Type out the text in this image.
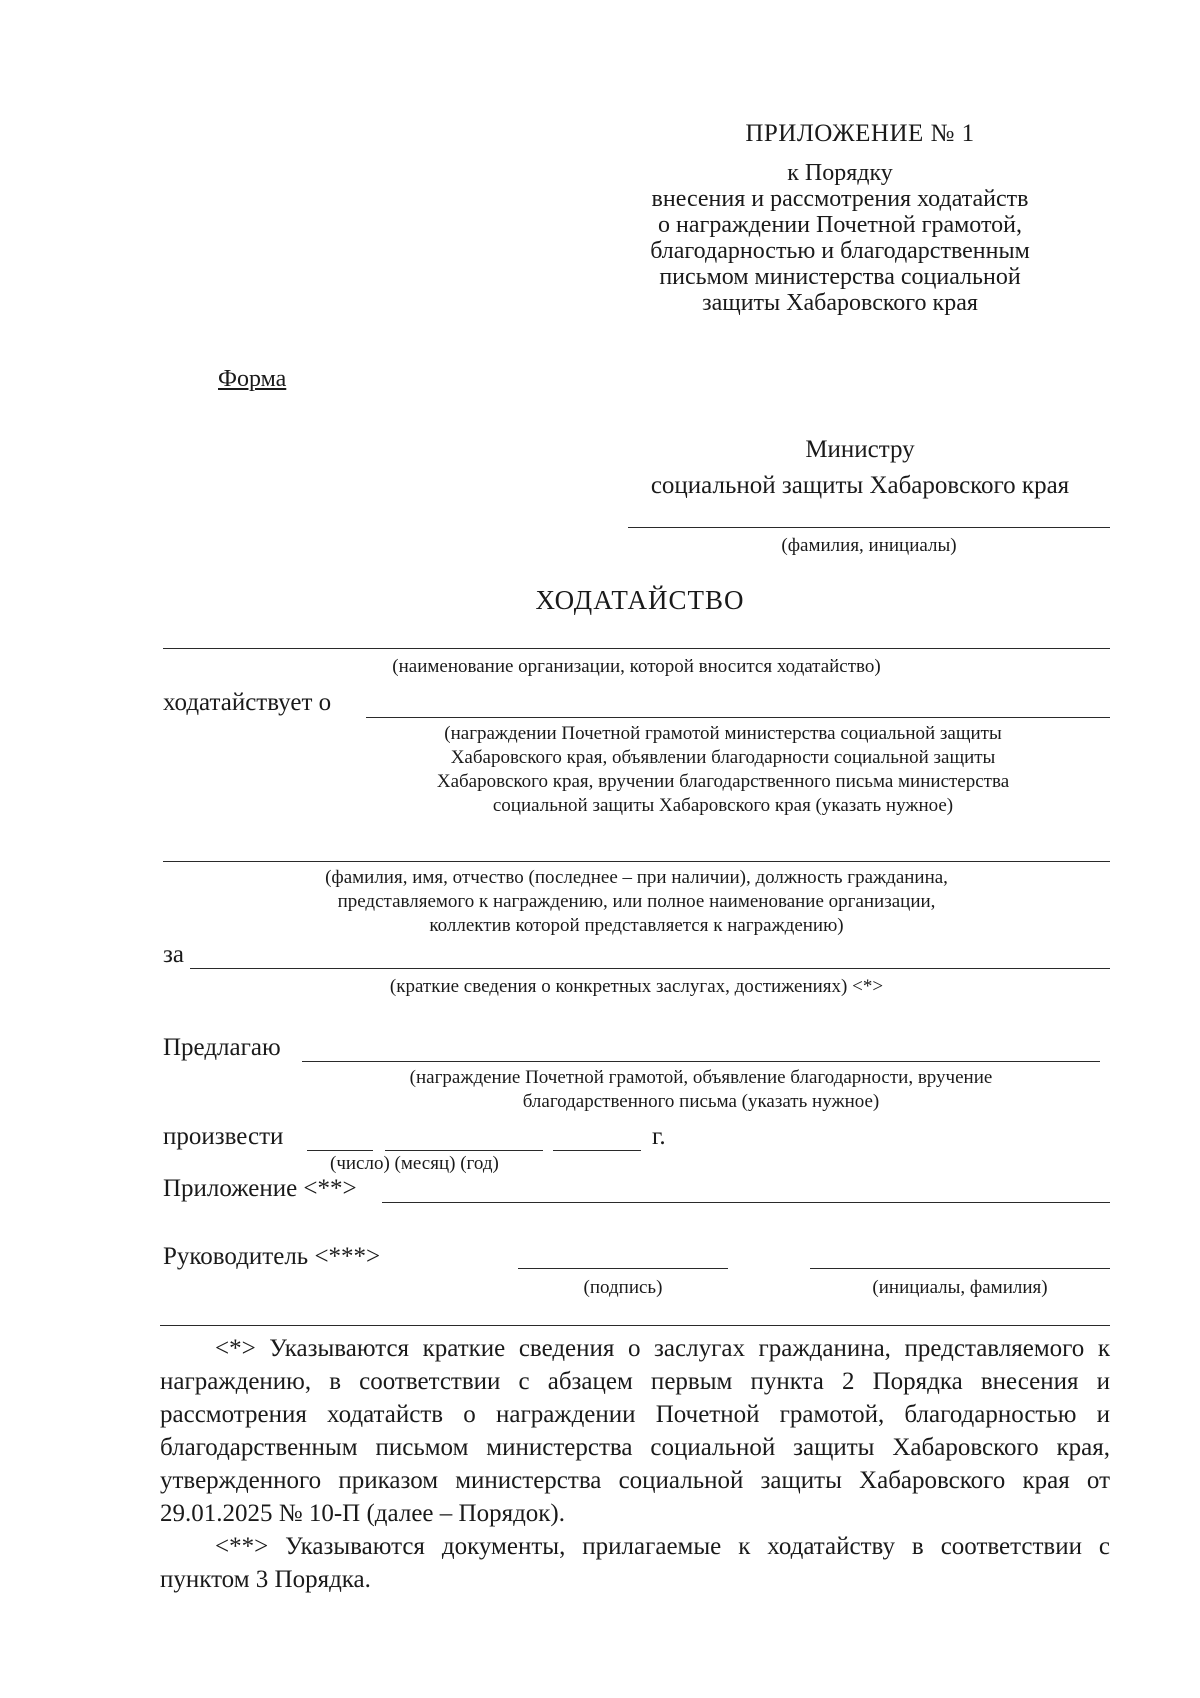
ПРИЛОЖЕНИЕ № 1
к Порядку
внесения и рассмотрения ходатайств
о награждении Почетной грамотой,
благодарностью и благодарственным
письмом министерства социальной
защиты Хабаровского края
Форма
Министру
социальной защиты Хабаровского края
(фамилия, инициалы)
ХОДАТАЙСТВО
(наименование организации, которой вносится ходатайство)
ходатайствует о
(награждении Почетной грамотой министерства социальной защиты
Хабаровского края, объявлении благодарности социальной защиты
Хабаровского края, вручении благодарственного письма министерства
социальной защиты Хабаровского края (указать нужное)
(фамилия, имя, отчество (последнее – при наличии), должность гражданина,
представляемого к награждению, или полное наименование организации,
коллектив которой представляется к награждению)
за
(краткие сведения о конкретных заслугах, достижениях) <*>
Предлагаю
(награждение Почетной грамотой, объявление благодарности, вручение
благодарственного письма (указать нужное)
произвести	г.
(число) (месяц) (год)
Приложение <**>
Руководитель <***>
(подпись)	(инициалы, фамилия)

<*> Указываются краткие сведения о заслугах гражданина, представляемого к награждению, в соответствии с абзацем первым пункта 2 Порядка внесения и рассмотрения ходатайств о награждении Почетной грамотой, благодарностью и благодарственным письмом министерства социальной защиты Хабаровского края, утвержденного приказом министерства социальной защиты Хабаровского края от 29.01.2025 № 10-П (далее – Порядок).

<**> Указываются документы, прилагаемые к ходатайству в соответствии с пунктом 3 Порядка.
